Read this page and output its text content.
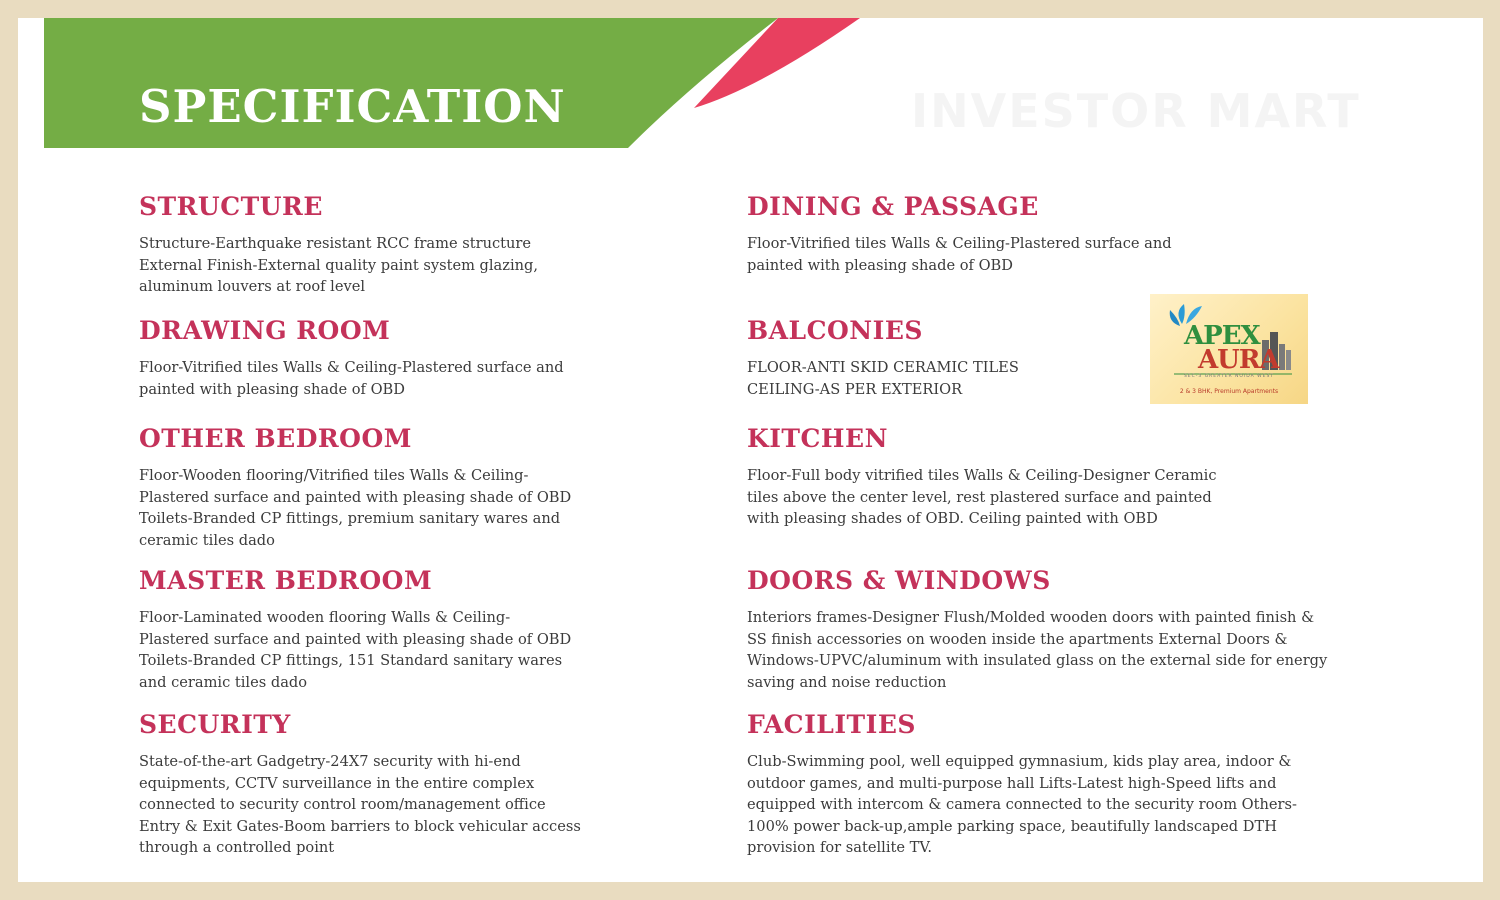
SPECIFICATION	INVESTOR MART
STRUCTURE

Structure-Earthquake resistant RCC frame structure
External Finish-External quality paint system glazing,
aluminum louvers at roof level

DRAWING ROOM

Floor-Vitrified tiles Walls & Ceiling-Plastered surface and
painted with pleasing shade of OBD

OTHER BEDROOM

Floor-Wooden flooring/Vitrified tiles Walls & Ceiling-
Plastered surface and painted with pleasing shade of OBD
Toilets-Branded CP fittings, premium sanitary wares and
ceramic tiles dado

MASTER BEDROOM

Floor-Laminated wooden flooring Walls & Ceiling-
Plastered surface and painted with pleasing shade of OBD
Toilets-Branded CP fittings, 151 Standard sanitary wares
and ceramic tiles dado

SECURITY

State-of-the-art Gadgetry-24X7 security with hi-end
equipments, CCTV surveillance in the entire complex
connected to security control room/management office
Entry & Exit Gates-Boom barriers to block vehicular access
through a controlled point

DINING & PASSAGE

Floor-Vitrified tiles Walls & Ceiling-Plastered surface and
painted with pleasing shade of OBD

BALCONIES

FLOOR-ANTI SKID CERAMIC TILES
CEILING-AS PER EXTERIOR

KITCHEN

Floor-Full body vitrified tiles Walls & Ceiling-Designer Ceramic
tiles above the center level, rest plastered surface and painted
with pleasing shades of OBD. Ceiling painted with OBD

DOORS & WINDOWS

Interiors frames-Designer Flush/Molded wooden doors with painted finish &
SS finish accessories on wooden inside the apartments External Doors &
Windows-UPVC/aluminum with insulated glass on the external side for energy
saving and noise reduction

FACILITIES

Club-Swimming pool, well equipped gymnasium, kids play area, indoor &
outdoor games, and multi-purpose hall Lifts-Latest high-Speed lifts and
equipped with intercom & camera connected to the security room Others-
100% power back-up,ample parking space, beautifully landscaped DTH
provision for satellite TV.

APEX
AURA
SEC-3 GREATER NOIDA WEST
2 & 3 BHK, Premium Apartments
